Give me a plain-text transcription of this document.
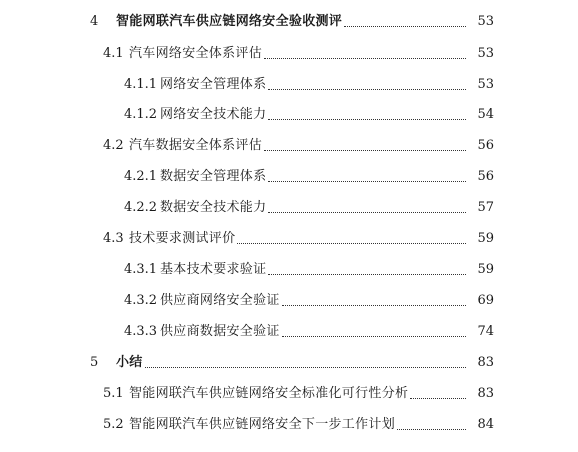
4 智能网联汽车供应链网络安全验收测评	53
4.1 汽车网络安全体系评估	53
4.1.1 网络安全管理体系	53
4.1.2 网络安全技术能力	54
4.2 汽车数据安全体系评估	56
4.2.1 数据安全管理体系	56
4.2.2 数据安全技术能力	57
4.3 技术要求测试评价	59
4.3.1 基本技术要求验证	59
4.3.2 供应商网络安全验证	69
4.3.3 供应商数据安全验证	74
5 小结	83
5.1 智能网联汽车供应链网络安全标准化可行性分析	83
5.2 智能网联汽车供应链网络安全下一步工作计划	84
